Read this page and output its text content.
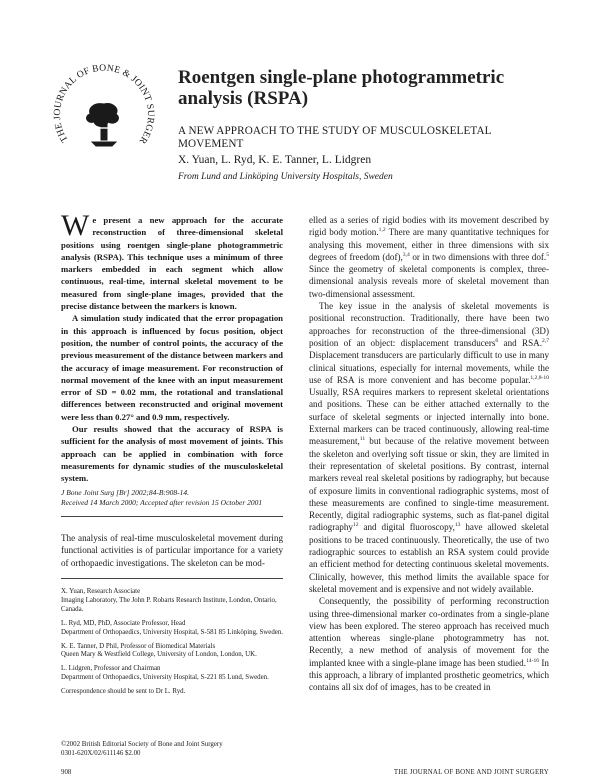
THE JOURNAL OF BONE & JOINT SURGER
Roentgen single-plane photogrammetric
analysis (RSPA)
A NEW APPROACH TO THE STUDY OF MUSCULOSKELETAL
MOVEMENT
X. Yuan, L. Ryd, K. E. Tanner, L. Lidgren
From Lund and Linköping University Hospitals, Sweden

We present a new approach for the accurate reconstruction of three-dimensional skeletal positions using roentgen single-plane photogrammetric analysis (RSPA). This technique uses a minimum of three markers embedded in each segment which allow continuous, real-time, internal skeletal movement to be measured from single-plane images, provided that the precise distance between the markers is known.

A simulation study indicated that the error propagation in this approach is influenced by focus position, object position, the number of control points, the accuracy of the previous measurement of the distance between markers and the accuracy of image measurement. For reconstruction of normal movement of the knee with an input measurement error of SD = 0.02 mm, the rotational and translational differences between reconstructed and original movement were less than 0.27° and 0.9 mm, respectively.

Our results showed that the accuracy of RSPA is sufficient for the analysis of most movement of joints. This approach can be applied in combination with force measurements for dynamic studies of the musculoskeletal system.

J Bone Joint Surg [Br] 2002;84-B:908-14.
Received 14 March 2000; Accepted after revision 15 October 2001
The analysis of real-time musculoskeletal movement during functional activities is of particular importance for a variety of orthopaedic investigations. The skeleton can be mod-
X. Yuan, Research Associate
Imaging Laboratory, The John P. Robarts Research Institute, London, Ontario, Canada.
L. Ryd, MD, PhD, Associate Professor, Head
Department of Orthopaedics, University Hospital, S-581 85 Linköping, Sweden.
K. E. Tanner, D Phil, Professor of Biomedical Materials
Queen Mary & Westfield College, University of London, London, UK.
L. Lidgren, Professor and Chairman
Department of Orthopaedics, University Hospital, S-221 85 Lund, Sweden.
Correspondence should be sent to Dr L. Ryd.
©2002 British Editorial Society of Bone and Joint Surgery
0301-620X/02/611146 $2.00

elled as a series of rigid bodies with its movement described by rigid body motion.$^{1,2}$ There are many quantitative techniques for analysing this movement, either in three dimensions with six degrees of freedom (dof),$^{3,4}$ or in two dimensions with three dof.$^5$ Since the geometry of skeletal components is complex, three-dimensional analysis reveals more of skeletal movement than two-dimensional assessment.

The key issue in the analysis of skeletal movements is positional reconstruction. Traditionally, there have been two approaches for reconstruction of the three-dimensional (3D) position of an object: displacement transducers$^6$ and RSA.$^{2,7}$ Displacement transducers are particularly difficult to use in many clinical situations, especially for internal movements, while the use of RSA is more convenient and has become popular.$^{1,2,8-10}$ Usually, RSA requires markers to represent skeletal orientations and positions. These can be either attached externally to the surface of skeletal segments or injected internally into bone. External markers can be traced continuously, allowing real-time measurement,$^{11}$ but because of the relative movement between the skeleton and overlying soft tissue or skin, they are limited in their representation of skeletal positions. By contrast, internal markers reveal real skeletal positions by radiography, but because of exposure limits in conventional radiographic systems, most of these measurements are confined to single-time measurement. Recently, digital radiographic systems, such as flat-panel digital radiography$^{12}$ and digital fluoroscopy,$^{13}$ have allowed skeletal positions to be traced continuously. Theoretically, the use of two radiographic sources to establish an RSA system could provide an efficient method for detecting continuous skeletal movements. Clinically, however, this method limits the available space for skeletal movement and is expensive and not widely available.

Consequently, the possibility of performing reconstruction using three-dimensional marker co-ordinates from a single-plane view has been explored. The stereo approach has received much attention whereas single-plane photogrammetry has not. Recently, a new method of analysis of movement for the implanted knee with a single-plane image has been studied.$^{14-16}$ In this approach, a library of implanted prosthetic geometrics, which contains all six dof of images, has to be created in

908	THE JOURNAL OF BONE AND JOINT SURGERY
